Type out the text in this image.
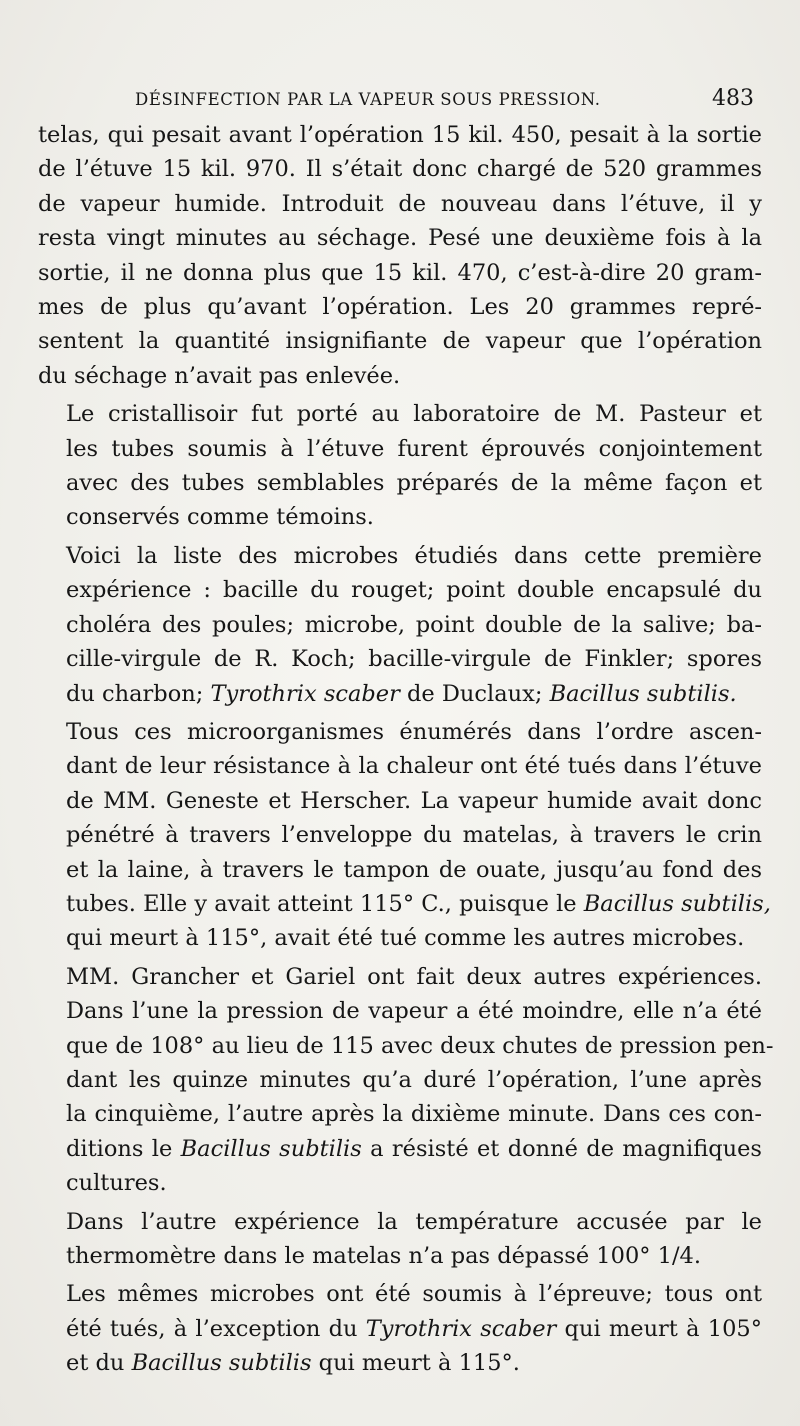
DÉSINFECTION PAR LA VAPEUR SOUS PRESSION.	483
telas, qui pesait avant l’opération 15 kil. 450, pesait à la sortie
de l’étuve 15 kil. 970. Il s’était donc chargé de 520 grammes
de vapeur humide. Introduit de nouveau dans l’étuve, il y
resta vingt minutes au séchage. Pesé une deuxième fois à la
sortie, il ne donna plus que 15 kil. 470, c’est-à-dire 20 gram-
mes de plus qu’avant l’opération. Les 20 grammes repré-
sentent la quantité insignifiante de vapeur que l’opération
du séchage n’avait pas enlevée.
Le cristallisoir fut porté au laboratoire de M. Pasteur et
les tubes soumis à l’étuve furent éprouvés conjointement
avec des tubes semblables préparés de la même façon et
conservés comme témoins.
Voici la liste des microbes étudiés dans cette première
expérience : bacille du rouget; point double encapsulé du
choléra des poules; microbe, point double de la salive; ba-
cille-virgule de R. Koch; bacille-virgule de Finkler; spores
du charbon; Tyrothrix scaber de Duclaux; Bacillus subtilis.
Tous ces microorganismes énumérés dans l’ordre ascen-
dant de leur résistance à la chaleur ont été tués dans l’étuve
de MM. Geneste et Herscher. La vapeur humide avait donc
pénétré à travers l’enveloppe du matelas, à travers le crin
et la laine, à travers le tampon de ouate, jusqu’au fond des
tubes. Elle y avait atteint 115° C., puisque le Bacillus subtilis,
qui meurt à 115°, avait été tué comme les autres microbes.
MM. Grancher et Gariel ont fait deux autres expériences.
Dans l’une la pression de vapeur a été moindre, elle n’a été
que de 108° au lieu de 115 avec deux chutes de pression pen-
dant les quinze minutes qu’a duré l’opération, l’une après
la cinquième, l’autre après la dixième minute. Dans ces con-
ditions le Bacillus subtilis a résisté et donné de magnifiques
cultures.
Dans l’autre expérience la température accusée par le
thermomètre dans le matelas n’a pas dépassé 100° 1/4.
Les mêmes microbes ont été soumis à l’épreuve; tous ont
été tués, à l’exception du Tyrothrix scaber qui meurt à 105°
et du Bacillus subtilis qui meurt à 115°.
